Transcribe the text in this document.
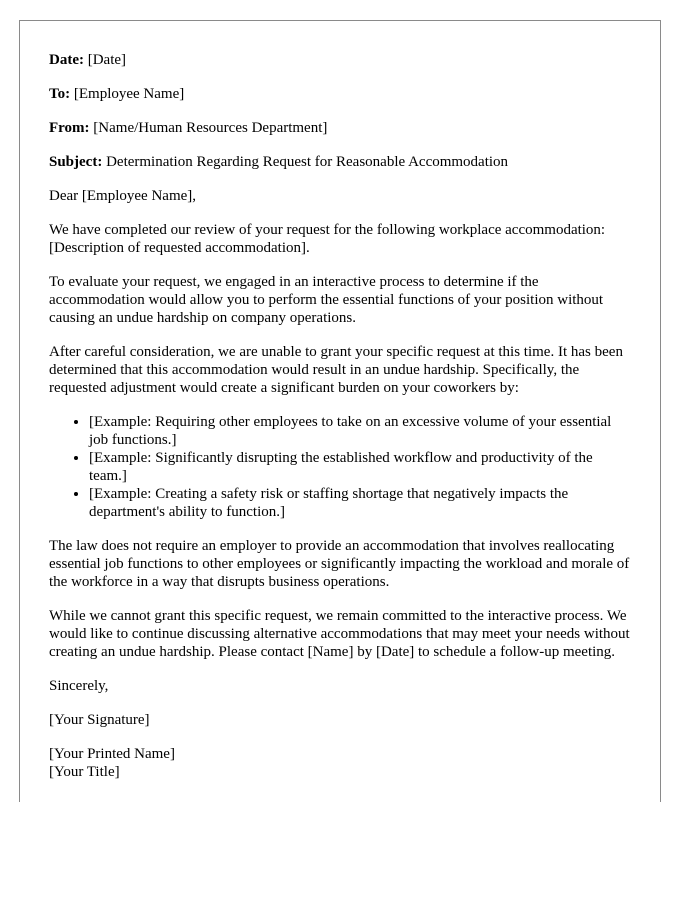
Date: [Date]

To: [Employee Name]

From: [Name/Human Resources Department]

Subject: Determination Regarding Request for Reasonable Accommodation

Dear [Employee Name],

We have completed our review of your request for the following workplace accommodation: [Description of requested accommodation].

To evaluate your request, we engaged in an interactive process to determine if the accommodation would allow you to perform the essential functions of your position without causing an undue hardship on company operations.

After careful consideration, we are unable to grant your specific request at this time. It has been determined that this accommodation would result in an undue hardship. Specifically, the requested adjustment would create a significant burden on your coworkers by:

• [Example: Requiring other employees to take on an excessive volume of your essential job functions.]
• [Example: Significantly disrupting the established workflow and productivity of the team.]
• [Example: Creating a safety risk or staffing shortage that negatively impacts the department's ability to function.]

The law does not require an employer to provide an accommodation that involves reallocating essential job functions to other employees or significantly impacting the workload and morale of the workforce in a way that disrupts business operations.

While we cannot grant this specific request, we remain committed to the interactive process. We would like to continue discussing alternative accommodations that may meet your needs without creating an undue hardship. Please contact [Name] by [Date] to schedule a follow-up meeting.

Sincerely,

[Your Signature]

[Your Printed Name]

[Your Title]
